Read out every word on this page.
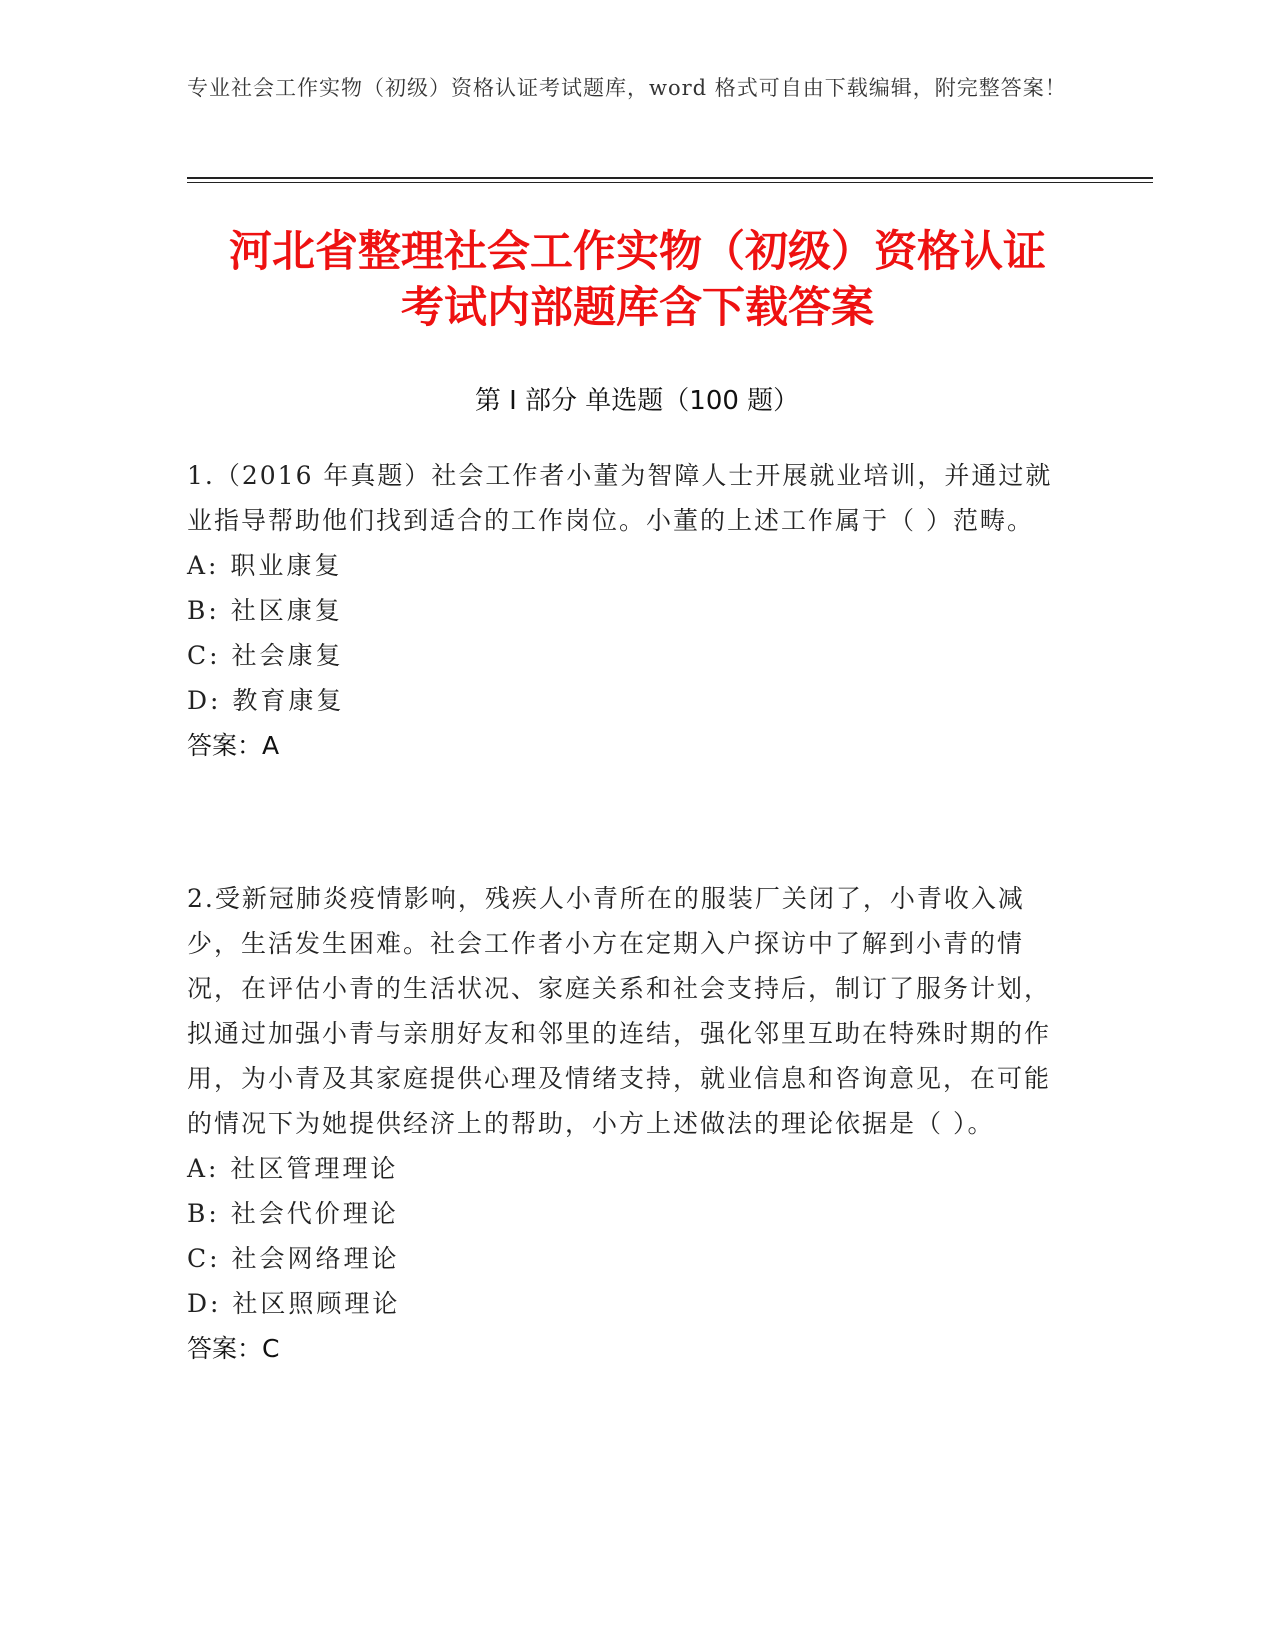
专业社会工作实物（初级）资格认证考试题库，word 格式可自由下载编辑，附完整答案！
河北省整理社会工作实物（初级）资格认证
考试内部题库含下载答案
第 I 部分 单选题（100 题）

1.（2016 年真题）社会工作者小董为智障人士开展就业培训，并通过就业指导帮助他们找到适合的工作岗位。小董的上述工作属于（ ）范畴。

A: 职业康复
B: 社区康复
C: 社会康复
D: 教育康复
答案：A

2.受新冠肺炎疫情影响，残疾人小青所在的服装厂关闭了，小青收入减少，生活发生困难。社会工作者小方在定期入户探访中了解到小青的情况，在评估小青的生活状况、家庭关系和社会支持后，制订了服务计划，拟通过加强小青与亲朋好友和邻里的连结，强化邻里互助在特殊时期的作用，为小青及其家庭提供心理及情绪支持，就业信息和咨询意见，在可能的情况下为她提供经济上的帮助，小方上述做法的理论依据是（ ）。

A: 社区管理理论
B: 社会代价理论
C: 社会网络理论
D: 社区照顾理论
答案：C
